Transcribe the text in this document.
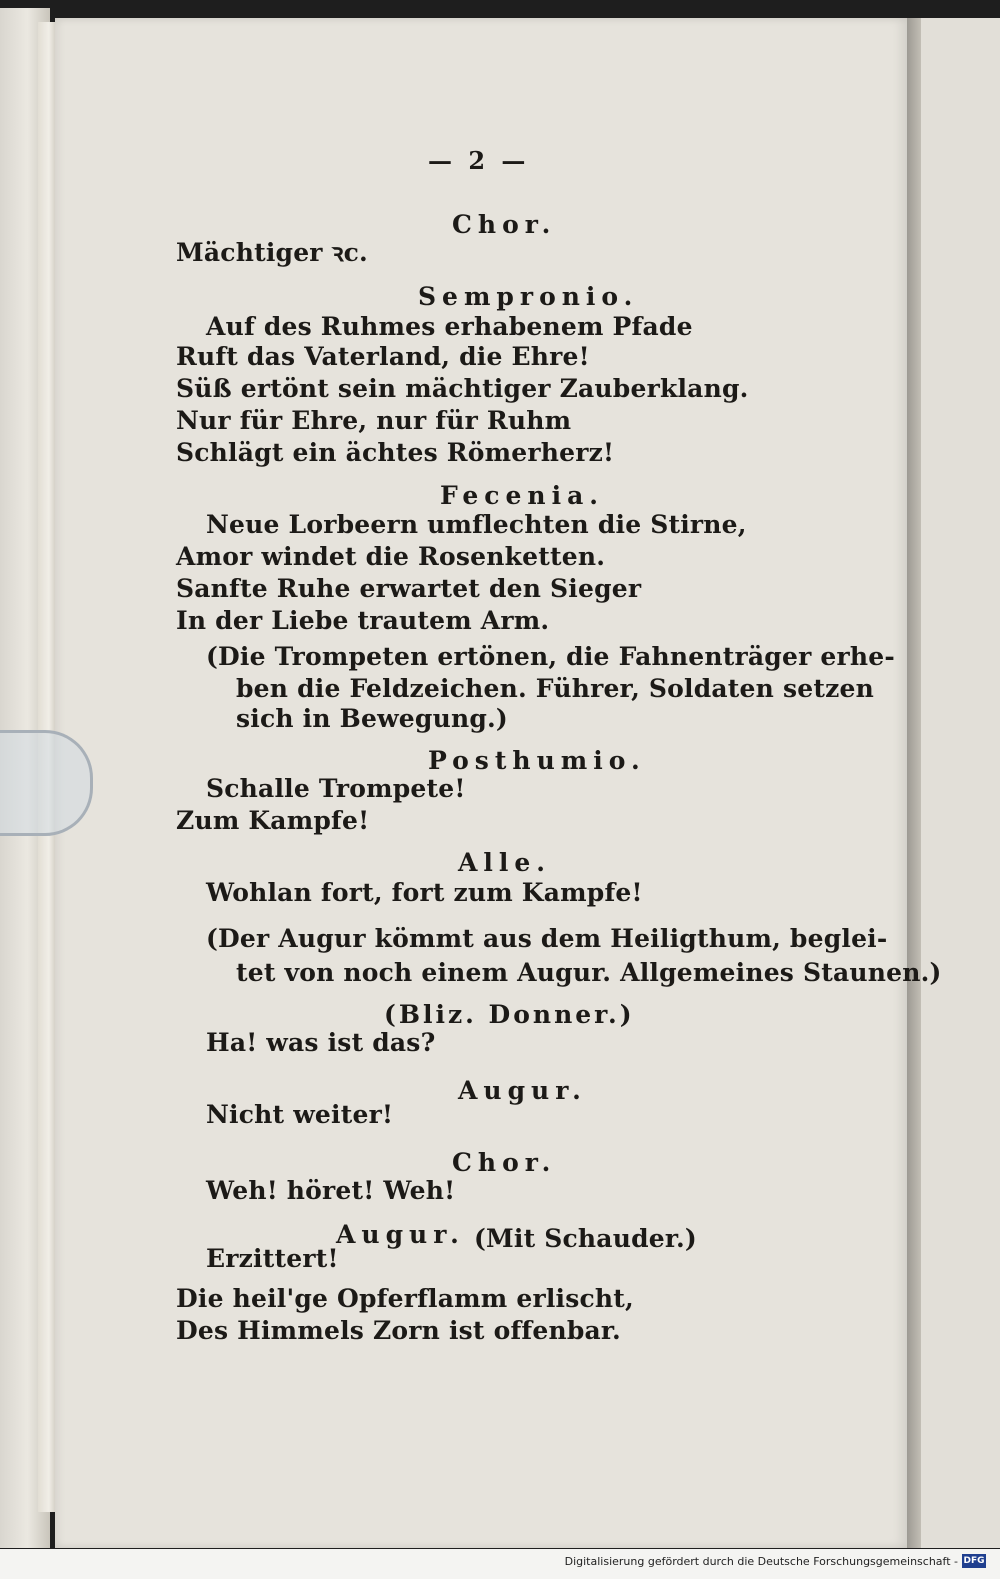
— 2 —
Chor.
Mächtiger ꝛc.
Sempronio.
Auf des Ruhmes erhabenem Pfade
Ruft das Vaterland, die Ehre!
Süß ertönt sein mächtiger Zauberklang.
Nur für Ehre, nur für Ruhm
Schlägt ein ächtes Römerherz!
Fecenia.
Neue Lorbeern umflechten die Stirne,
Amor windet die Rosenketten.
Sanfte Ruhe erwartet den Sieger
In der Liebe trautem Arm.
(Die Trompeten ertönen, die Fahnenträger erhe-
ben die Feldzeichen. Führer, Soldaten setzen
sich in Bewegung.)
Posthumio.
Schalle Trompete!
Zum Kampfe!
Alle.
Wohlan fort, fort zum Kampfe!
(Der Augur kömmt aus dem Heiligthum, beglei-
tet von noch einem Augur. Allgemeines Staunen.)
(Bliz. Donner.)
Ha! was ist das?
Augur.
Nicht weiter!
Chor.
Weh! höret! Weh!
Augur. (Mit Schauder.)
Erzittert!
Die heil'ge Opferflamm erlischt,
Des Himmels Zorn ist offenbar.
Digitalisierung gefördert durch die Deutsche Forschungsgemeinschaft - DFG
